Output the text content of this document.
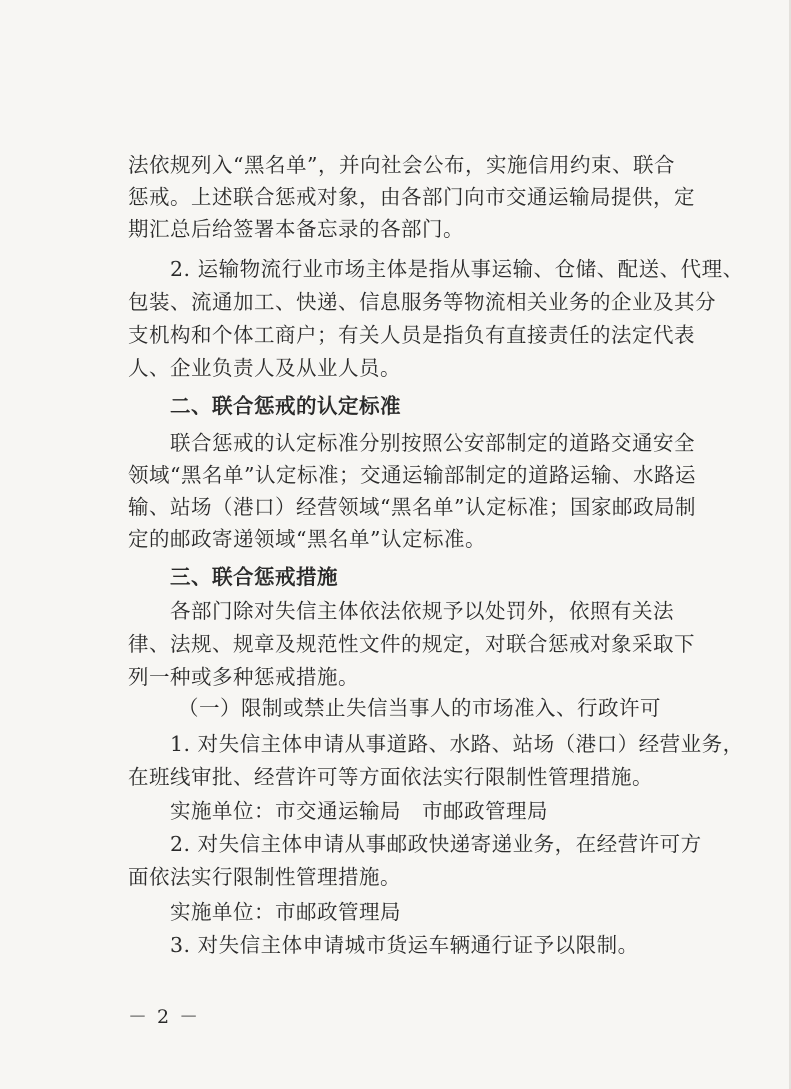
法依规列入“黑名单”，并向社会公布，实施信用约束、联合
惩戒。上述联合惩戒对象，由各部门向市交通运输局提供，定
期汇总后给签署本备忘录的各部门。
2. 运输物流行业市场主体是指从事运输、仓储、配送、代理、
包装、流通加工、快递、信息服务等物流相关业务的企业及其分
支机构和个体工商户；有关人员是指负有直接责任的法定代表
人、企业负责人及从业人员。
二、联合惩戒的认定标准
联合惩戒的认定标准分别按照公安部制定的道路交通安全
领域“黑名单”认定标准；交通运输部制定的道路运输、水路运
输、站场（港口）经营领域“黑名单”认定标准；国家邮政局制
定的邮政寄递领域“黑名单”认定标准。
三、联合惩戒措施
各部门除对失信主体依法依规予以处罚外，依照有关法
律、法规、规章及规范性文件的规定，对联合惩戒对象采取下
列一种或多种惩戒措施。
（一）限制或禁止失信当事人的市场准入、行政许可
1. 对失信主体申请从事道路、水路、站场（港口）经营业务，
在班线审批、经营许可等方面依法实行限制性管理措施。
实施单位：市交通运输局　市邮政管理局
2. 对失信主体申请从事邮政快递寄递业务，在经营许可方
面依法实行限制性管理措施。
实施单位：市邮政管理局
3. 对失信主体申请城市货运车辆通行证予以限制。
－ 2 －
